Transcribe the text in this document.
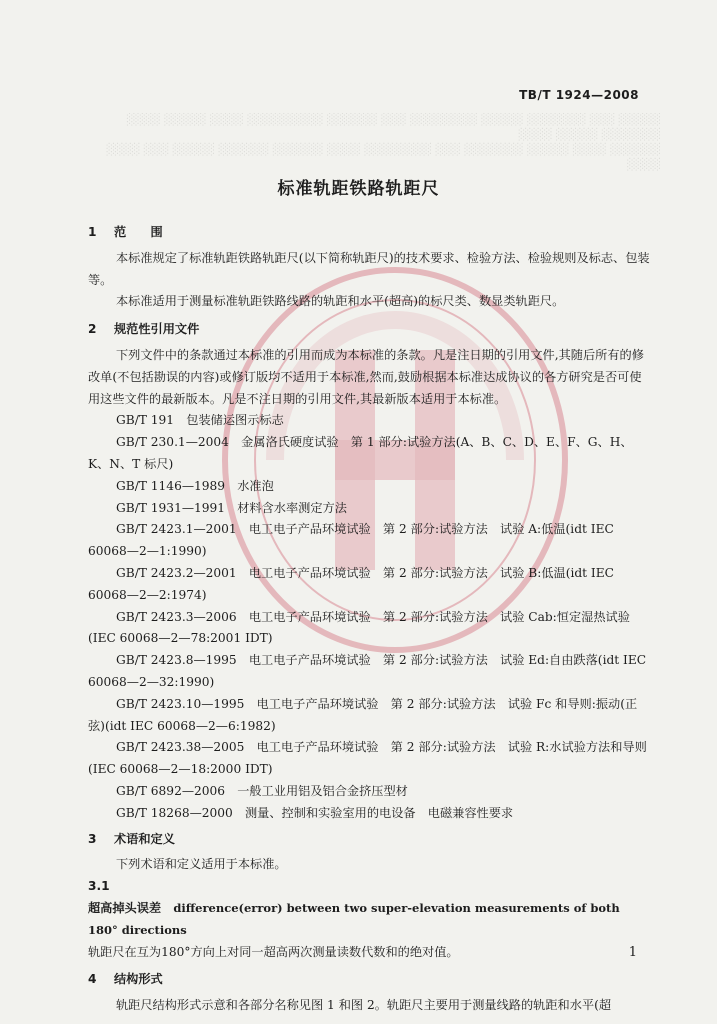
░░░░░ ░░░ ░░░░░░░ ░░░░░ ░░░░░░░░ ░░░ ░░░░░░ ░░░░░░░░░ ░░░░ ░░░░░ ░░░░ ░░░░░░░ ░░░░░ ░░░░
░░░░░░ ░░░░ ░░░░░ ░░░░░░░ ░░░ ░░░░░░░░ ░░░░ ░░░░░░ ░░░░░░ ░░░░░ ░░░ ░░░░ ░░░░

TB/T 1924—2008
标准轨距铁路轨距尺
1 范　　围

本标准规定了标准轨距铁路轨距尺(以下简称轨距尺)的技术要求、检验方法、检验规则及标志、包装等。

本标准适用于测量标准轨距铁路线路的轨距和水平(超高)的标尺类、数显类轨距尺。

2 规范性引用文件

下列文件中的条款通过本标准的引用而成为本标准的条款。凡是注日期的引用文件,其随后所有的修改单(不包括勘误的内容)或修订版均不适用于本标准,然而,鼓励根据本标准达成协议的各方研究是否可使用这些文件的最新版本。凡是不注日期的引用文件,其最新版本适用于本标准。

GB/T 191　包装储运图示标志

GB/T 230.1—2004　金属洛氏硬度试验　第 1 部分:试验方法(A、B、C、D、E、F、G、H、K、N、T 标尺)

GB/T 1146—1989　水准泡

GB/T 1931—1991　材料含水率测定方法

GB/T 2423.1—2001　电工电子产品环境试验　第 2 部分:试验方法　试验 A:低温(idt IEC 60068—2—1:1990)

GB/T 2423.2—2001　电工电子产品环境试验　第 2 部分:试验方法　试验 B:低温(idt IEC 60068—2—2:1974)

GB/T 2423.3—2006　电工电子产品环境试验　第 2 部分:试验方法　试验 Cab:恒定湿热试验(IEC 60068—2—78:2001 IDT)

GB/T 2423.8—1995　电工电子产品环境试验　第 2 部分:试验方法　试验 Ed:自由跌落(idt IEC 60068—2—32:1990)

GB/T 2423.10—1995　电工电子产品环境试验　第 2 部分:试验方法　试验 Fc 和导则:振动(正弦)(idt IEC 60068—2—6:1982)

GB/T 2423.38—2005　电工电子产品环境试验　第 2 部分:试验方法　试验 R:水试验方法和导则(IEC 60068—2—18:2000 IDT)

GB/T 6892—2006　一般工业用铝及铝合金挤压型材

GB/T 18268—2000　测量、控制和实验室用的电设备　电磁兼容性要求

3 术语和定义

下列术语和定义适用于本标准。

3.1

超高掉头误差　 difference(error) between two super-elevation measurements of both 180° directions

轨距尺在互为180°方向上对同一超高两次测量读数代数和的绝对值。

4 结构形式

轨距尺结构形式示意和各部分名称见图 1 和图 2。轨距尺主要用于测量线路的轨距和水平(超

1
